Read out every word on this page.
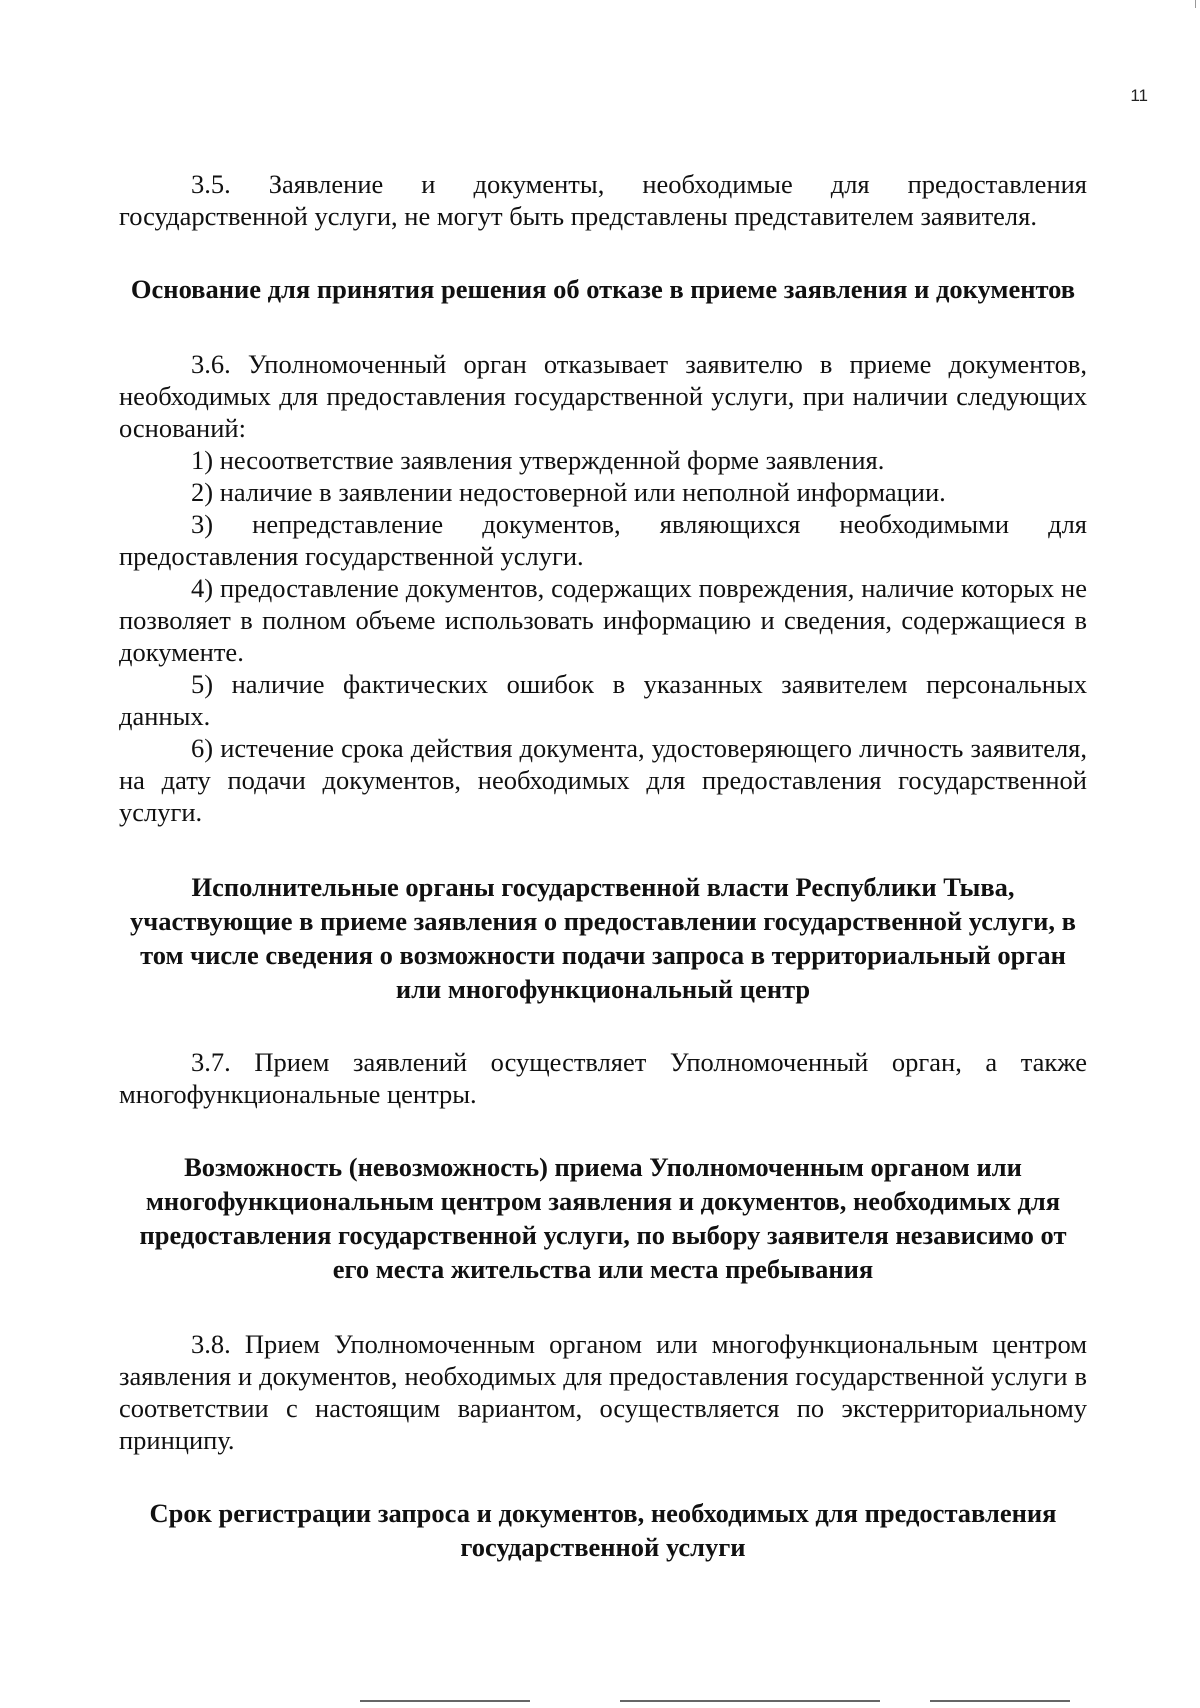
11

3.5. Заявление и документы, необходимые для предоставления государственной услуги, не могут быть представлены представителем заявителя.

Основание для принятия решения об отказе в приеме заявления и документов

3.6. Уполномоченный орган отказывает заявителю в приеме документов, необходимых для предоставления государственной услуги, при наличии следующих оснований:

1) несоответствие заявления утвержденной форме заявления.

2) наличие в заявлении недостоверной или неполной информации.

3) непредставление документов, являющихся необходимыми для предоставления государственной услуги.

4) предоставление документов, содержащих повреждения, наличие которых не позволяет в полном объеме использовать информацию и сведения, содержащиеся в документе.

5) наличие фактических ошибок в указанных заявителем персональных данных.

6) истечение срока действия документа, удостоверяющего личность заявителя, на дату подачи документов, необходимых для предоставления государственной услуги.

Исполнительные органы государственной власти Республики Тыва, участвующие в приеме заявления о предоставлении государственной услуги, в том числе сведения о возможности подачи запроса в территориальный орган или многофункциональный центр

3.7. Прием заявлений осуществляет Уполномоченный орган, а также многофункциональные центры.

Возможность (невозможность) приема Уполномоченным органом или многофункциональным центром заявления и документов, необходимых для предоставления государственной услуги, по выбору заявителя независимо от его места жительства или места пребывания

3.8. Прием Уполномоченным органом или многофункциональным центром заявления и документов, необходимых для предоставления государственной услуги в соответствии с настоящим вариантом, осуществляется по экстерриториальному принципу.

Срок регистрации запроса и документов, необходимых для предоставления государственной услуги
